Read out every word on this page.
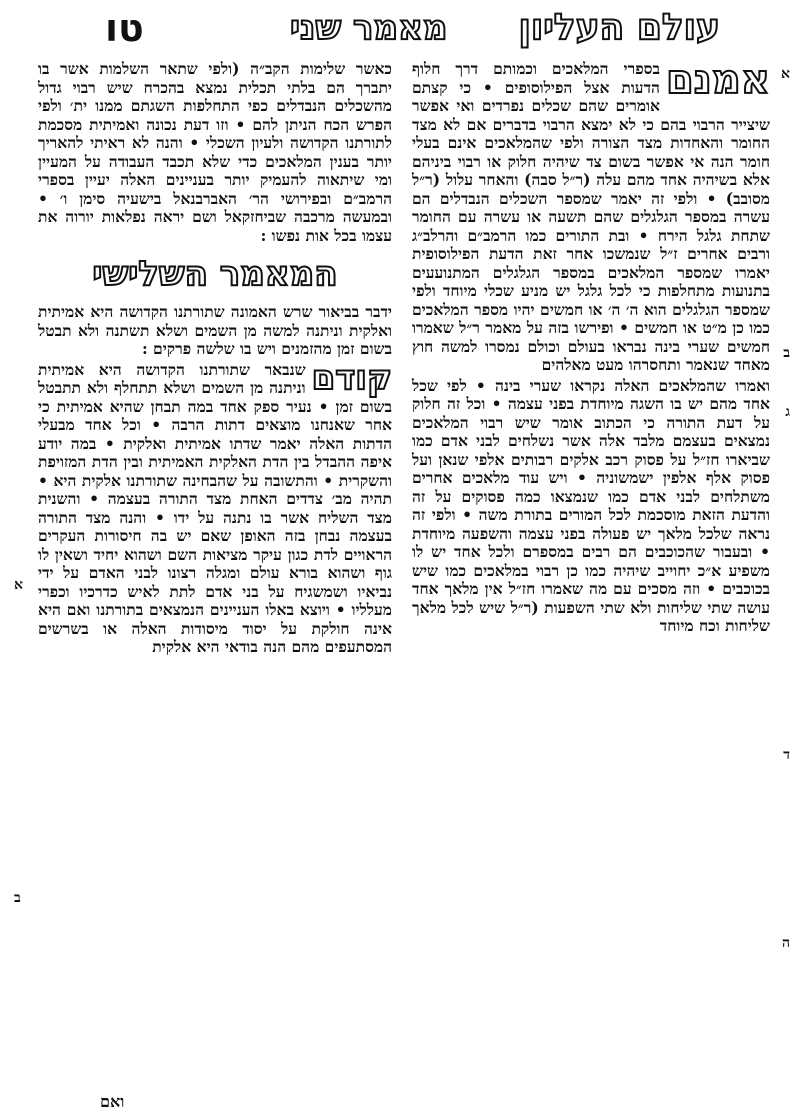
עולם העליון
מאמר שני
טו
אמנם

בספרי המלאכים וכמותם דרך חלוף הדעות אצל הפילוסופים • כי קצתם אומרים שהם שכלים נפרדים ואי אפשר שיצייר הרבוי בהם כי לא ימצא הרבוי בדברים אם לא מצד החומר והאחדות מצד הצורה ולפי שהמלאכים אינם בעלי חומר הנה אי אפשר בשום צד שיהיה חלוק או רבוי ביניהם אלא בשיהיה אחד מהם עלה (ר״ל סבה) והאחר עלול (ר״ל מסובב) • ולפי זה יאמר שמספר השכלים הנבדלים הם עשרה במספר הגלגלים שהם תשעה או עשרה עם החומר שתחת גלגל הירח • ובת התורים כמו הרמב״ם והרלב״ג ורבים אחרים ז״ל שנמשכו אחר זאת הדעת הפילוסופית יאמרו שמספר המלאכים במספר הגלגלים המתנועעים בתנועות מתחלפות כי לכל גלגל יש מניע שכלי מיוחד ולפי שמספר הגלגלים הוא ה׳ ה׳ או חמשים יהיו מספר המלאכים כמו כן מ״ט או חמשים • ופירשו בזה על מאמר ר״ל שאמרו חמשים שערי בינה נבראו בעולם וכולם נמסרו למשה חוץ מאחד שנאמר ותחסרהו מעט מאלהים

ואמרו שהמלאכים האלה נקראו שערי בינה • לפי שכל אחד מהם יש בו השגה מיוחדת בפני עצמה • וכל זה חלוק על דעת התורה כי הכתוב אומר שיש רבוי המלאכים נמצאים בעצמם מלבד אלה אשר נשלחים לבני אדם כמו שביארו חז״ל על פסוק רכב אלקים רבותים אלפי שנאן ועל פסוק אלף אלפין ישמשוניה • ויש עוד מלאכים אחרים משתלחים לבני אדם כמו שנמצאו כמה פסוקים על זה והדעת הזאת מוסכמת לכל המורים בתורת משה • ולפי זה נראה שלכל מלאך יש פעולה בפני עצמה והשפעה מיוחדת • ובעבור שהכוכבים הם רבים במספרם ולכל אחד יש לו משפיע א״כ יחוייב שיהיה כמו כן רבוי במלאכים כמו שיש בכוכבים • וזה מסכים עם מה שאמרו חז״ל אין מלאך אחד עושה שתי שליחות ולא שתי השפעות (ר״ל שיש לכל מלאך שליחות וכח מיוחד

כאשר שלימות הקב״ה (ולפי שתאר השלמות אשר בו יתברך הם בלתי תכלית נמצא בהכרח שיש רבוי גדול מהשכלים הנבדלים כפי התחלפות השגתם ממנו ית׳ ולפי הפרש הכח הניתן להם • וזו דעת נכונה ואמיתית מסכמת לתורתנו הקדושה ולעיון השכלי • והנה לא ראיתי להאריך יותר בענין המלאכים כדי שלא תכבד העבודה על המעיין ומי שיתאוה להעמיק יותר בעניינים האלה יעיין בספרי הרמב״ם ובפירושי הר׳ האברבנאל בישעיה סימן ו׳ • ובמעשה מרכבה שביחזקאל ושם יראה נפלאות יורוה את עצמו בכל אות נפשו :

המאמר השלישי

ידבר בביאור שרש האמונה שתורתנו הקדושה היא אמיתית ואלקית וניתנה למשה מן השמים ושלא תשתנה ולא תבטל בשום זמן מהזמנים ויש בו שלשה פרקים :

קודם
שנבאר שתורתנו הקדושה היא אמיתית וניתנה מן השמים ושלא תתחלף ולא תתבטל בשום זמן • נעיר ספק אחד במה תבחן שהיא אמיתית כי אחר שאנחנו מוצאים דתות הרבה • וכל אחד מבעלי הדתות האלה יאמר שדתו אמיתית ואלקית • במה יודע איפה ההבדל בין הדת האלקית האמיתית ובין הדת המזויפת והשקרית • והתשובה על שהבחינה שתורתנו אלקית היא • תהיה מב׳ צדדים האחת מצד התורה בעצמה • והשנית מצד השליח אשר בו נתנה על ידו • והנה מצד התורה בעצמה נבחן בזה האופן שאם יש בה חיסורות העקרים הראויים לדת כגון עיקר מציאות השם ושהוא יחיד ושאין לו גוף ושהוא בורא עולם ומגלה רצונו לבני האדם על ידי נביאיו ושמשגיח על בני אדם לתת לאיש כדרכיו וכפרי מעלליו • ויוצא באלו העניינים הנמצאים בתורתנו ואם היא אינה חולקת על יסוד מיסודות האלה או בשרשים המסתעפים מהם הנה בודאי היא אלקית

ואם
א
ב
ג
ד
ה
א
ב
